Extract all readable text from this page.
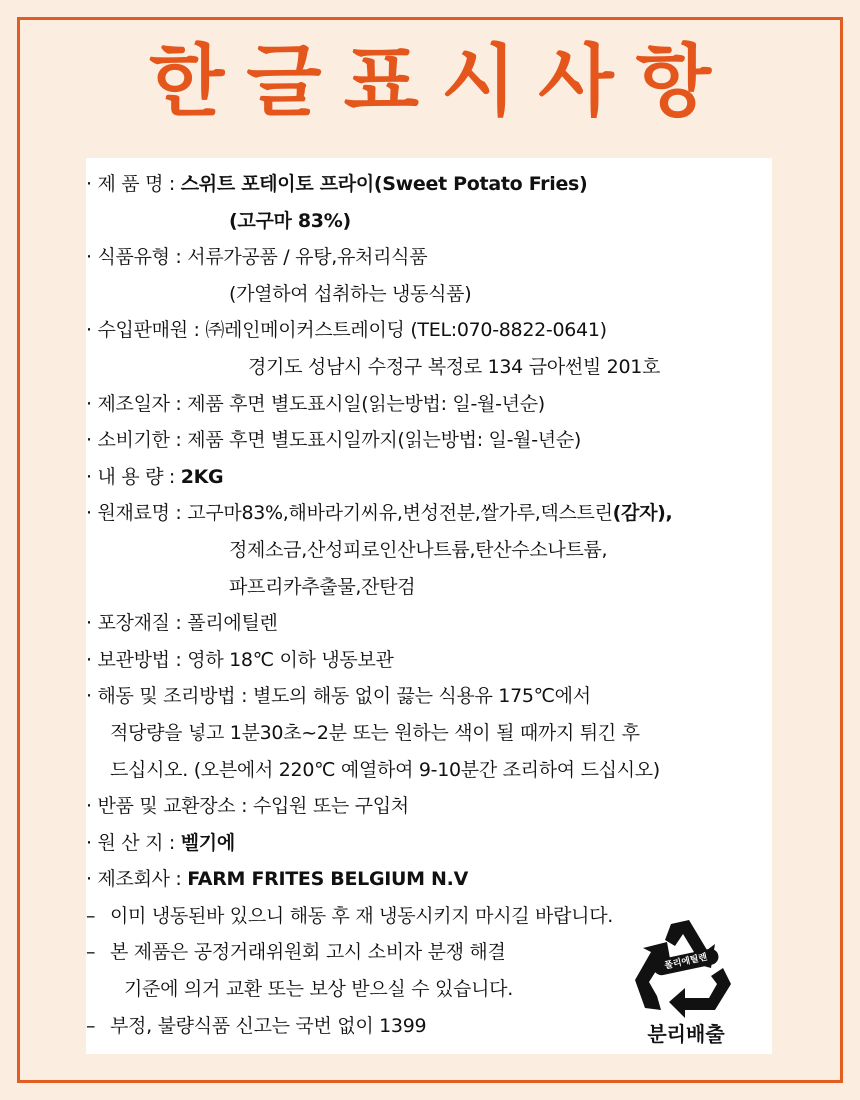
한글표시사항
· 제 품 명 : 스위트 포테이토 프라이(Sweet Potato Fries)
(고구마 83%)
· 식품유형 : 서류가공품 / 유탕,유처리식품
(가열하여 섭취하는 냉동식품)
· 수입판매원 : ㈜레인메이커스트레이딩 (TEL:070-8822-0641)
경기도 성남시 수정구 복정로 134 금아썬빌 201호
· 제조일자 : 제품 후면 별도표시일(읽는방법: 일-월-년순)
· 소비기한 : 제품 후면 별도표시일까지(읽는방법: 일-월-년순)
· 내 용 량 : 2KG
· 원재료명 : 고구마83%,해바라기씨유,변성전분,쌀가루,덱스트린(감자),
정제소금,산성피로인산나트륨,탄산수소나트륨,
파프리카추출물,잔탄검
· 포장재질 : 폴리에틸렌
· 보관방법 : 영하 18℃ 이하 냉동보관
· 해동 및 조리방법 : 별도의 해동 없이 끓는 식용유 175℃에서
적당량을 넣고 1분30초~2분 또는 원하는 색이 될 때까지 튀긴 후
드십시오. (오븐에서 220℃ 예열하여 9-10분간 조리하여 드십시오)
· 반품 및 교환장소 : 수입원 또는 구입처
· 원 산 지 : 벨기에
· 제조회사 : FARM FRITES BELGIUM N.V
– 이미 냉동된바 있으니 해동 후 재 냉동시키지 마시길 바랍니다.
– 본 제품은 공정거래위원회 고시 소비자 분쟁 해결
기준에 의거 교환 또는 보상 받으실 수 있습니다.
– 부정, 불량식품 신고는 국번 없이 1399
폴리에틸렌
분리배출
